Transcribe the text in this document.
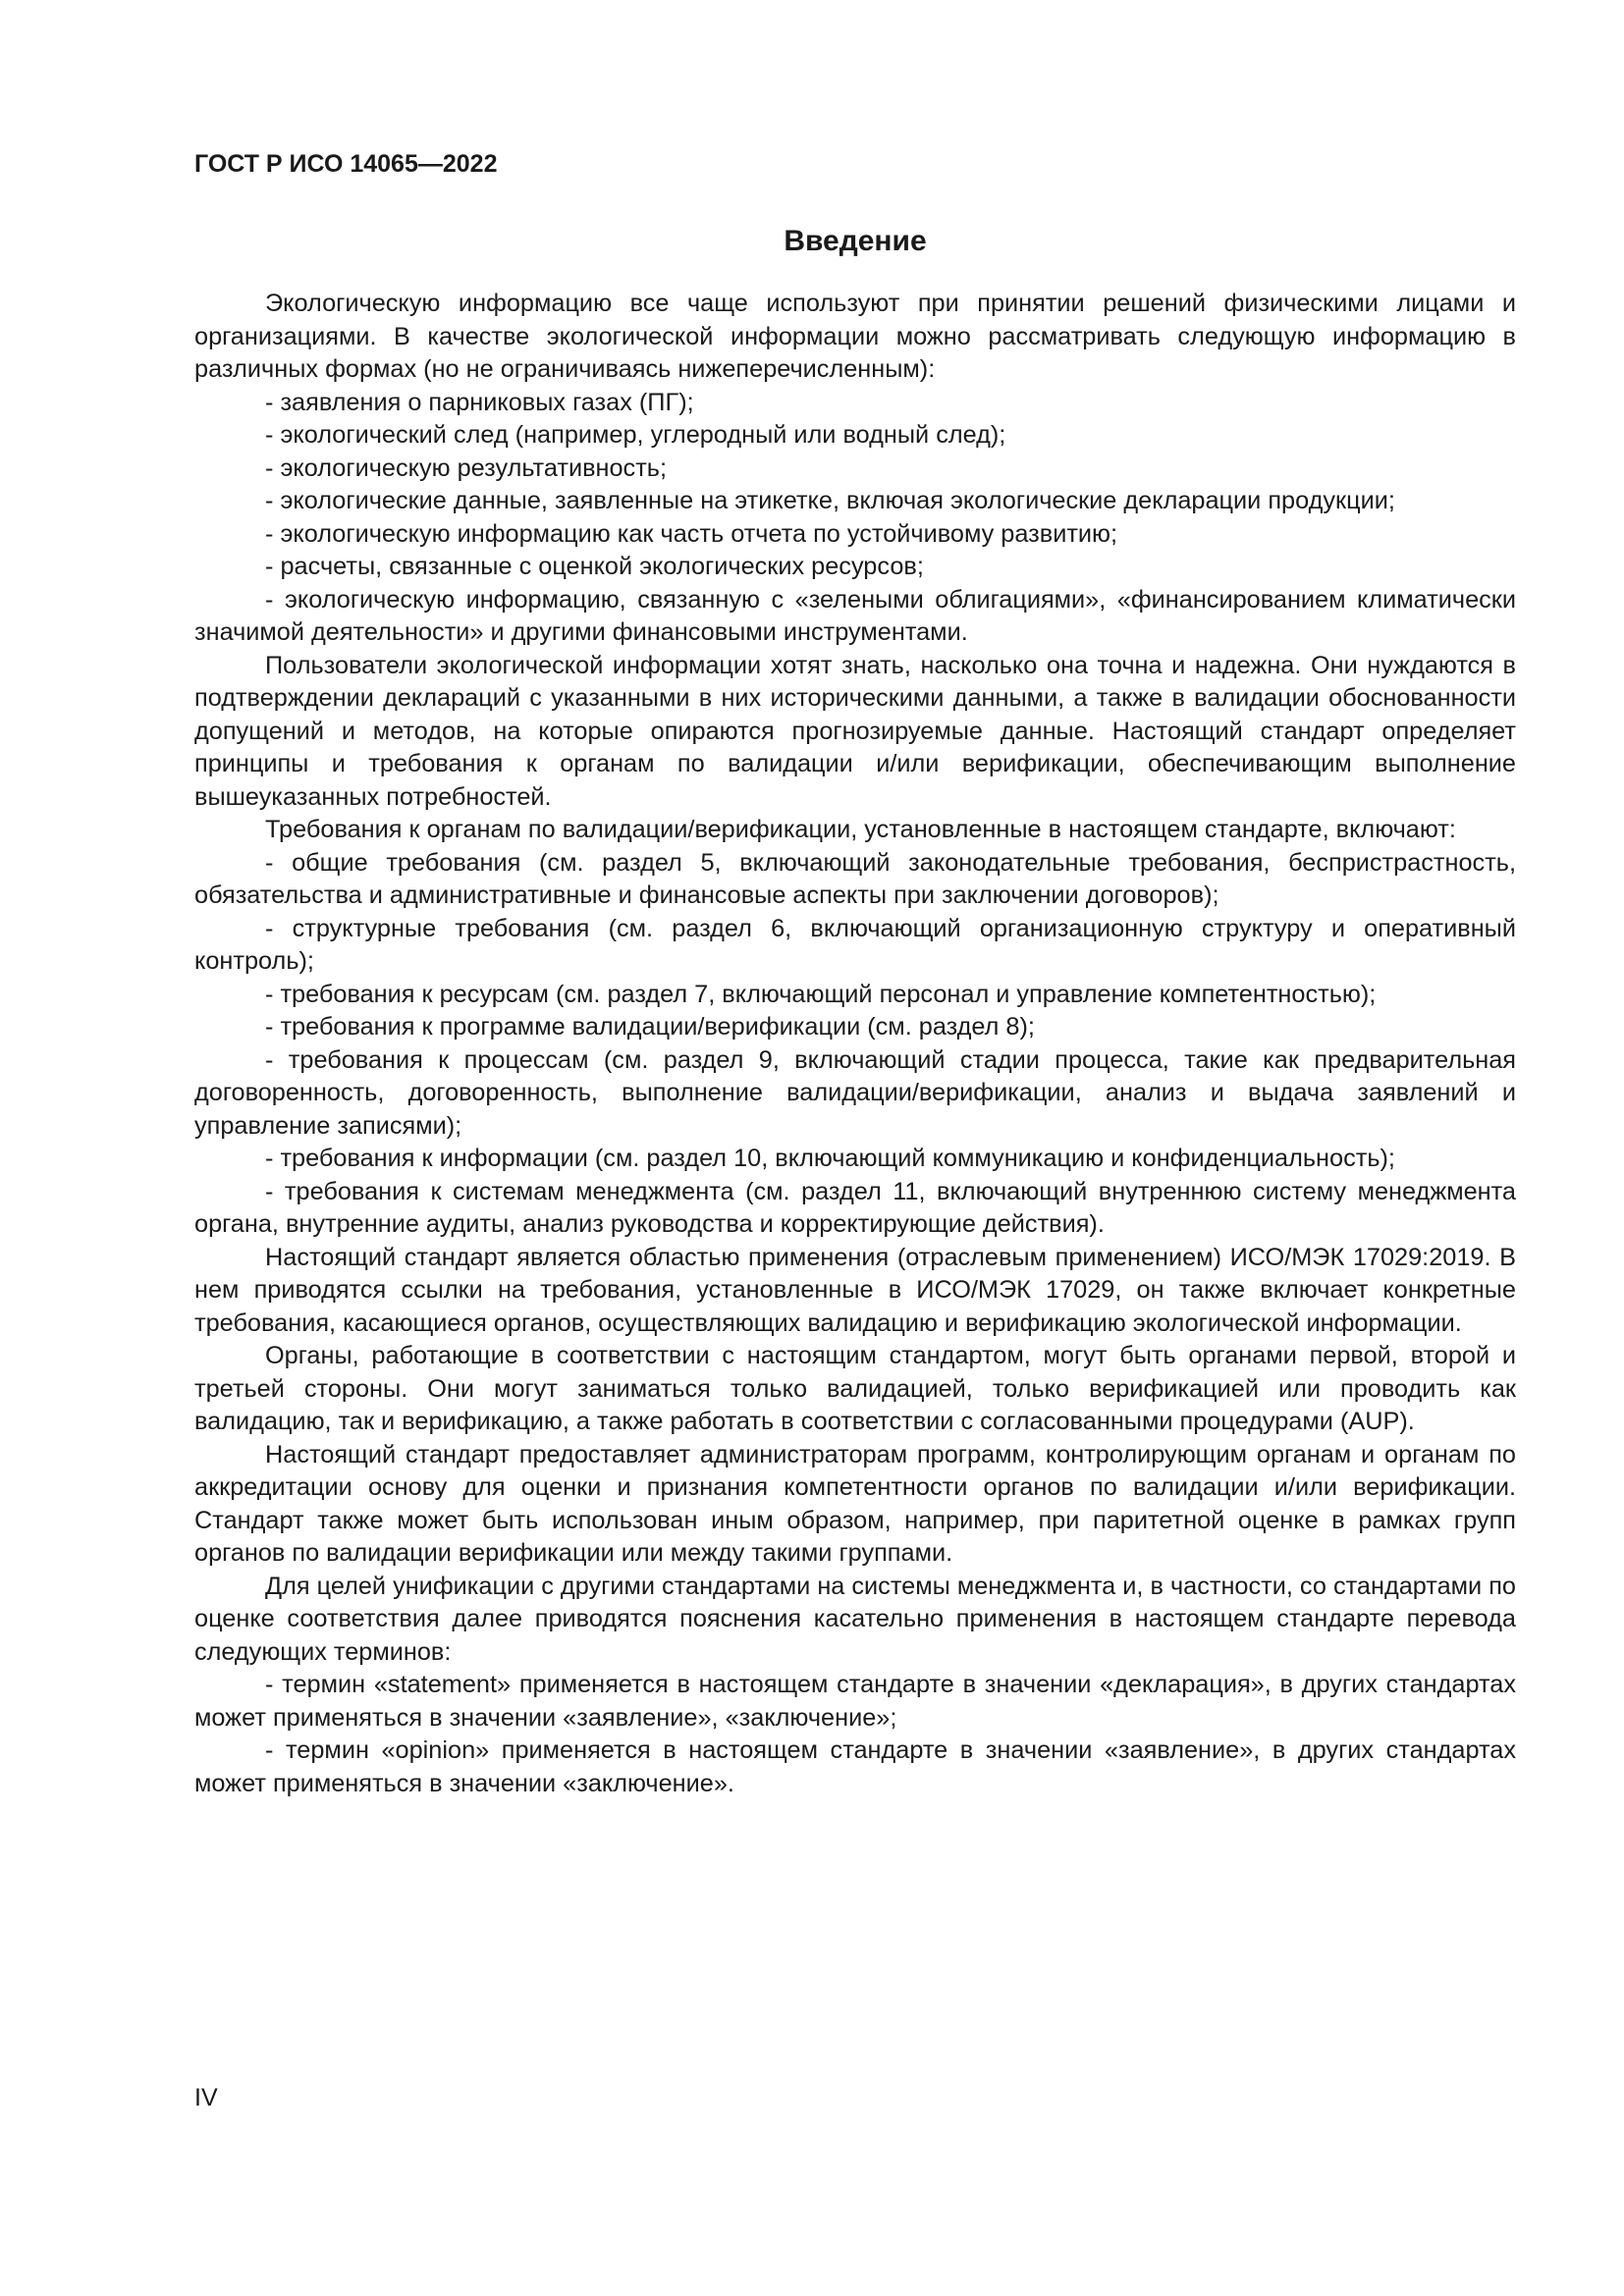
ГОСТ Р ИСО 14065—2022
Введение

Экологическую информацию все чаще используют при принятии решений физическими лицами и организациями. В качестве экологической информации можно рассматривать следующую информацию в различных формах (но не ограничиваясь нижеперечисленным):

- заявления о парниковых газах (ПГ);

- экологический след (например, углеродный или водный след);

- экологическую результативность;

- экологические данные, заявленные на этикетке, включая экологические декларации продукции;

- экологическую информацию как часть отчета по устойчивому развитию;

- расчеты, связанные с оценкой экологических ресурсов;

- экологическую информацию, связанную с «зелеными облигациями», «финансированием климатически значимой деятельности» и другими финансовыми инструментами.

Пользователи экологической информации хотят знать, насколько она точна и надежна. Они нуждаются в подтверждении деклараций с указанными в них историческими данными, а также в валидации обоснованности допущений и методов, на которые опираются прогнозируемые данные. Настоящий стандарт определяет принципы и требования к органам по валидации и/или верификации, обеспечивающим выполнение вышеуказанных потребностей.

Требования к органам по валидации/верификации, установленные в настоящем стандарте, включают:

- общие требования (см. раздел 5, включающий законодательные требования, беспристрастность, обязательства и административные и финансовые аспекты при заключении договоров);

- структурные требования (см. раздел 6, включающий организационную структуру и оперативный контроль);

- требования к ресурсам (см. раздел 7, включающий персонал и управление компетентностью);

- требования к программе валидации/верификации (см. раздел 8);

- требования к процессам (см. раздел 9, включающий стадии процесса, такие как предварительная договоренность, договоренность, выполнение валидации/верификации, анализ и выдача заявлений и управление записями);

- требования к информации (см. раздел 10, включающий коммуникацию и конфиденциальность);

- требования к системам менеджмента (см. раздел 11, включающий внутреннюю систему менеджмента органа, внутренние аудиты, анализ руководства и корректирующие действия).

Настоящий стандарт является областью применения (отраслевым применением) ИСО/МЭК 17029:2019. В нем приводятся ссылки на требования, установленные в ИСО/МЭК 17029, он также включает конкретные требования, касающиеся органов, осуществляющих валидацию и верификацию экологической информации.

Органы, работающие в соответствии с настоящим стандартом, могут быть органами первой, второй и третьей стороны. Они могут заниматься только валидацией, только верификацией или проводить как валидацию, так и верификацию, а также работать в соответствии с согласованными процедурами (AUP).

Настоящий стандарт предоставляет администраторам программ, контролирующим органам и органам по аккредитации основу для оценки и признания компетентности органов по валидации и/или верификации. Стандарт также может быть использован иным образом, например, при паритетной оценке в рамках групп органов по валидации верификации или между такими группами.

Для целей унификации с другими стандартами на системы менеджмента и, в частности, со стандартами по оценке соответствия далее приводятся пояснения касательно применения в настоящем стандарте перевода следующих терминов:

- термин «statement» применяется в настоящем стандарте в значении «декларация», в других стандартах может применяться в значении «заявление», «заключение»;

- термин «opinion» применяется в настоящем стандарте в значении «заявление», в других стандартах может применяться в значении «заключение».

IV
